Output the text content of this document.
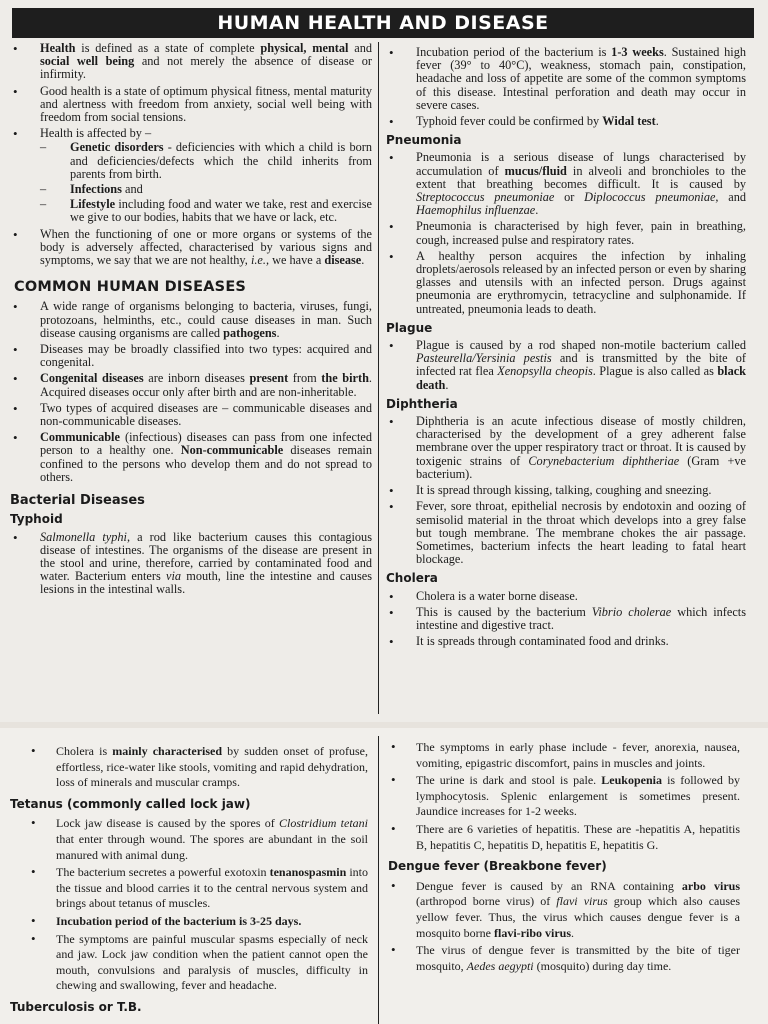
HUMAN HEALTH AND DISEASE
• Health is defined as a state of complete physical, mental and social well being and not merely the absence of disease or infirmity.
• Good health is a state of optimum physical fitness, mental maturity and alertness with freedom from anxiety, social well being with freedom from social tensions.
• Health is affected by –
– Genetic disorders - deficiencies with which a child is born and deficiencies/defects which the child inherits from parents from birth.
– Infections and
– Lifestyle including food and water we take, rest and exercise we give to our bodies, habits that we have or lack, etc.
• When the functioning of one or more organs or systems of the body is adversely affected, characterised by various signs and symptoms, we say that we are not healthy, i.e., we have a disease.
COMMON HUMAN DISEASES
• A wide range of organisms belonging to bacteria, viruses, fungi, protozoans, helminths, etc., could cause diseases in man. Such disease causing organisms are called pathogens.
• Diseases may be broadly classified into two types: acquired and congenital.
• Congenital diseases are inborn diseases present from the birth. Acquired diseases occur only after birth and are non-inheritable.
• Two types of acquired diseases are – communicable diseases and non-communicable diseases.
• Communicable (infectious) diseases can pass from one infected person to a healthy one. Non-communicable diseases remain confined to the persons who develop them and do not spread to others.
Bacterial Diseases
Typhoid
• Salmonella typhi, a rod like bacterium causes this contagious disease of intestines. The organisms of the disease are present in the stool and urine, therefore, carried by contaminated food and water. Bacterium enters via mouth, line the intestine and causes lesions in the intestinal walls.
• Incubation period of the bacterium is 1-3 weeks. Sustained high fever (39° to 40°C), weakness, stomach pain, constipation, headache and loss of appetite are some of the common symptoms of this disease. Intestinal perforation and death may occur in severe cases.
• Typhoid fever could be confirmed by Widal test.
Pneumonia
• Pneumonia is a serious disease of lungs characterised by accumulation of mucus/fluid in alveoli and bronchioles to the extent that breathing becomes difficult. It is caused by Streptococcus pneumoniae or Diplococcus pneumoniae, and Haemophilus influenzae.
• Pneumonia is characterised by high fever, pain in breathing, cough, increased pulse and respiratory rates.
• A healthy person acquires the infection by inhaling droplets/aerosols released by an infected person or even by sharing glasses and utensils with an infected person. Drugs against pneumonia are erythromycin, tetracycline and sulphonamide. If untreated, pneumonia leads to death.
Plague
• Plague is caused by a rod shaped non-motile bacterium called Pasteurella/Yersinia pestis and is transmitted by the bite of infected rat flea Xenopsylla cheopis. Plague is also called as black death.
Diphtheria
• Diphtheria is an acute infectious disease of mostly children, characterised by the development of a grey adherent false membrane over the upper respiratory tract or throat. It is caused by toxigenic strains of Corynebacterium diphtheriae (Gram +ve bacterium).
• It is spread through kissing, talking, coughing and sneezing.
• Fever, sore throat, epithelial necrosis by endotoxin and oozing of semisolid material in the throat which develops into a grey false but tough membrane. The membrane chokes the air passage. Sometimes, bacterium infects the heart leading to fatal heart blockage.
Cholera
• Cholera is a water borne disease.
• This is caused by the bacterium Vibrio cholerae which infects intestine and digestive tract.
• It is spreads through contaminated food and drinks.
• Cholera is mainly characterised by sudden onset of profuse, effortless, rice-water like stools, vomiting and rapid dehydration, loss of minerals and muscular cramps.
Tetanus (commonly called lock jaw)
• Lock jaw disease is caused by the spores of Clostridium tetani that enter through wound. The spores are abundant in the soil manured with animal dung.
• The bacterium secretes a powerful exotoxin tenanospasmin into the tissue and blood carries it to the central nervous system and brings about tetanus of muscles.
• Incubation period of the bacterium is 3-25 days.
• The symptoms are painful muscular spasms especially of neck and jaw. Lock jaw condition when the patient cannot open the mouth, convulsions and paralysis of muscles, difficulty in chewing and swallowing, fever and headache.
Tuberculosis or T.B.
• The symptoms in early phase include - fever, anorexia, nausea, vomiting, epigastric discomfort, pains in muscles and joints.
• The urine is dark and stool is pale. Leukopenia is followed by lymphocytosis. Splenic enlargement is sometimes present. Jaundice increases for 1-2 weeks.
• There are 6 varieties of hepatitis. These are -hepatitis A, hepatitis B, hepatitis C, hepatitis D, hepatitis E, hepatitis G.
Dengue fever (Breakbone fever)
• Dengue fever is caused by an RNA containing arbo virus (arthropod borne virus) of flavi virus group which also causes yellow fever. Thus, the virus which causes dengue fever is a mosquito borne flavi-ribo virus.
• The virus of dengue fever is transmitted by the bite of tiger mosquito, Aedes aegypti (mosquito) during day time.
